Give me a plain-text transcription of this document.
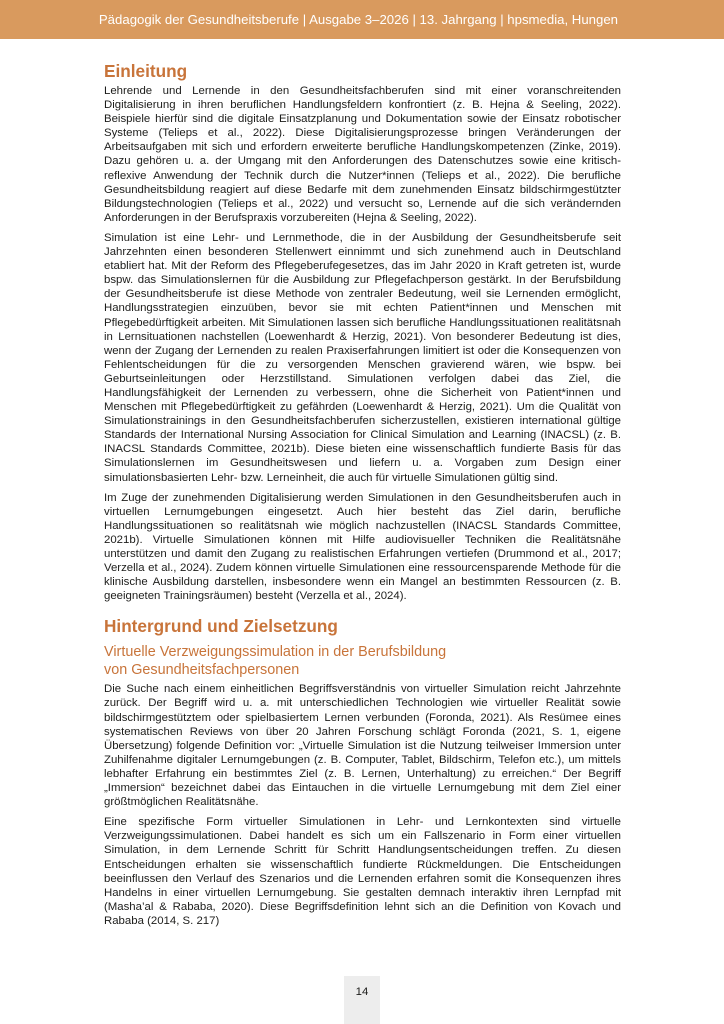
Pädagogik der Gesundheitsberufe | Ausgabe 3–2026 | 13. Jahrgang | hpsmedia, Hungen
Einleitung

Lehrende und Lernende in den Gesundheitsfachberufen sind mit einer voranschreitenden Digitalisierung in ihren beruflichen Handlungsfeldern konfrontiert (z. B. Hejna & Seeling, 2022). Beispiele hierfür sind die digitale Einsatzplanung und Dokumentation sowie der Einsatz robotischer Systeme (Telieps et al., 2022). Diese Digitalisierungsprozesse bringen Veränderungen der Arbeitsaufgaben mit sich und erfordern erweiterte berufliche Handlungskompetenzen (Zinke, 2019). Dazu gehören u. a. der Umgang mit den Anforderungen des Datenschutzes sowie eine kritisch-reflexive Anwendung der Technik durch die Nutzer*innen (Telieps et al., 2022). Die berufliche Gesundheitsbildung reagiert auf diese Bedarfe mit dem zunehmenden Einsatz bildschirmgestützter Bildungstechnologien (Telieps et al., 2022) und versucht so, Lernende auf die sich verändernden Anforderungen in der Berufspraxis vorzubereiten (Hejna & Seeling, 2022).

Simulation ist eine Lehr- und Lernmethode, die in der Ausbildung der Gesundheitsberufe seit Jahrzehnten einen besonderen Stellenwert einnimmt und sich zunehmend auch in Deutschland etabliert hat. Mit der Reform des Pflegeberufegesetzes, das im Jahr 2020 in Kraft getreten ist, wurde bspw. das Simulationslernen für die Ausbildung zur Pflegefachperson gestärkt. In der Berufsbildung der Gesundheitsberufe ist diese Methode von zentraler Bedeutung, weil sie Lernenden ermöglicht, Handlungsstrategien einzuüben, bevor sie mit echten Patient*innen und Menschen mit Pflegebedürftigkeit arbeiten. Mit Simulationen lassen sich berufliche Handlungssituationen realitätsnah in Lernsituationen nachstellen (Loewenhardt & Herzig, 2021). Von besonderer Bedeutung ist dies, wenn der Zugang der Lernenden zu realen Praxiserfahrungen limitiert ist oder die Konsequenzen von Fehlentscheidungen für die zu versorgenden Menschen gravierend wären, wie bspw. bei Geburtseinleitungen oder Herzstillstand. Simulationen verfolgen dabei das Ziel, die Handlungsfähigkeit der Lernenden zu verbessern, ohne die Sicherheit von Patient*innen und Menschen mit Pflegebedürftigkeit zu gefährden (Loewenhardt & Herzig, 2021). Um die Qualität von Simulationstrainings in den Gesundheitsfachberufen sicherzustellen, existieren international gültige Standards der International Nursing Association for Clinical Simulation and Learning (INACSL) (z. B. INACSL Standards Committee, 2021b). Diese bieten eine wissenschaftlich fundierte Basis für das Simulationslernen im Gesundheitswesen und liefern u. a. Vorgaben zum Design einer simulationsbasierten Lehr- bzw. Lerneinheit, die auch für virtuelle Simulationen gültig sind.

Im Zuge der zunehmenden Digitalisierung werden Simulationen in den Gesundheitsberufen auch in virtuellen Lernumgebungen eingesetzt. Auch hier besteht das Ziel darin, berufliche Handlungssituationen so realitätsnah wie möglich nachzustellen (INACSL Standards Committee, 2021b). Virtuelle Simulationen können mit Hilfe audiovisueller Techniken die Realitätsnähe unterstützen und damit den Zugang zu realistischen Erfahrungen vertiefen (Drummond et al., 2017; Verzella et al., 2024). Zudem können virtuelle Simulationen eine ressourcensparende Methode für die klinische Ausbildung darstellen, insbesondere wenn ein Mangel an bestimmten Ressourcen (z. B. geeigneten Trainingsräumen) besteht (Verzella et al., 2024).

Hintergrund und Zielsetzung
Virtuelle Verzweigungssimulation in der Berufsbildung
von Gesundheitsfachpersonen

Die Suche nach einem einheitlichen Begriffsverständnis von virtueller Simulation reicht Jahrzehnte zurück. Der Begriff wird u. a. mit unterschiedlichen Technologien wie virtueller Realität sowie bildschirmgestütztem oder spielbasiertem Lernen verbunden (Foronda, 2021). Als Resümee eines systematischen Reviews von über 20 Jahren Forschung schlägt Foronda (2021, S. 1, eigene Übersetzung) folgende Definition vor: „Virtuelle Simulation ist die Nutzung teilweiser Immersion unter Zuhilfenahme digitaler Lernumgebungen (z. B. Computer, Tablet, Bildschirm, Telefon etc.), um mittels lebhafter Erfahrung ein bestimmtes Ziel (z. B. Lernen, Unterhaltung) zu erreichen.“ Der Begriff „Immersion“ bezeichnet dabei das Eintauchen in die virtuelle Lernumgebung mit dem Ziel einer größtmöglichen Realitätsnähe.

Eine spezifische Form virtueller Simulationen in Lehr- und Lernkontexten sind virtuelle Verzweigungssimulationen. Dabei handelt es sich um ein Fallszenario in Form einer virtuellen Simulation, in dem Lernende Schritt für Schritt Handlungsentscheidungen treffen. Zu diesen Entscheidungen erhalten sie wissenschaftlich fundierte Rückmeldungen. Die Entscheidungen beeinflussen den Verlauf des Szenarios und die Lernenden erfahren somit die Konsequenzen ihres Handelns in einer virtuellen Lernumgebung. Sie gestalten demnach interaktiv ihren Lernpfad mit (Masha’al & Rababa, 2020). Diese Begriffsdefinition lehnt sich an die Definition von Kovach und Rababa (2014, S. 217)

14
